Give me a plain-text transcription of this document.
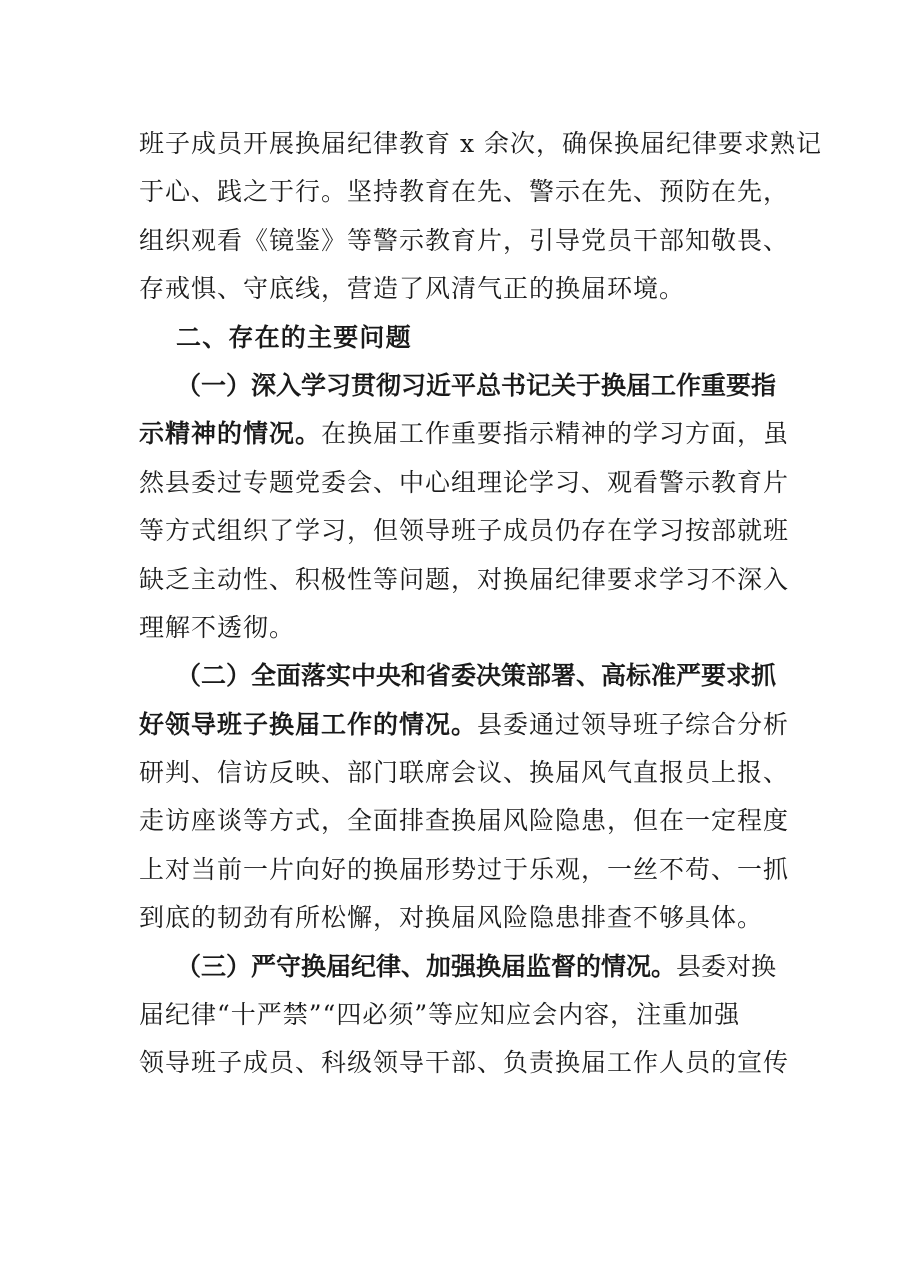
班子成员开展换届纪律教育 x 余次，确保换届纪律要求熟记
于心、践之于行。坚持教育在先、警示在先、预防在先，
组织观看《镜鉴》等警示教育片，引导党员干部知敬畏、
存戒惧、守底线，营造了风清气正的换届环境。
二、存在的主要问题
（一）深入学习贯彻习近平总书记关于换届工作重要指
示精神的情况。在换届工作重要指示精神的学习方面，虽
然县委过专题党委会、中心组理论学习、观看警示教育片
等方式组织了学习，但领导班子成员仍存在学习按部就班
缺乏主动性、积极性等问题，对换届纪律要求学习不深入
理解不透彻。
（二）全面落实中央和省委决策部署、高标准严要求抓
好领导班子换届工作的情况。县委通过领导班子综合分析
研判、信访反映、部门联席会议、换届风气直报员上报、
走访座谈等方式，全面排查换届风险隐患，但在一定程度
上对当前一片向好的换届形势过于乐观，一丝不苟、一抓
到底的韧劲有所松懈，对换届风险隐患排查不够具体。
（三）严守换届纪律、加强换届监督的情况。县委对换
届纪律“十严禁”“四必须”等应知应会内容，注重加强
领导班子成员、科级领导干部、负责换届工作人员的宣传
